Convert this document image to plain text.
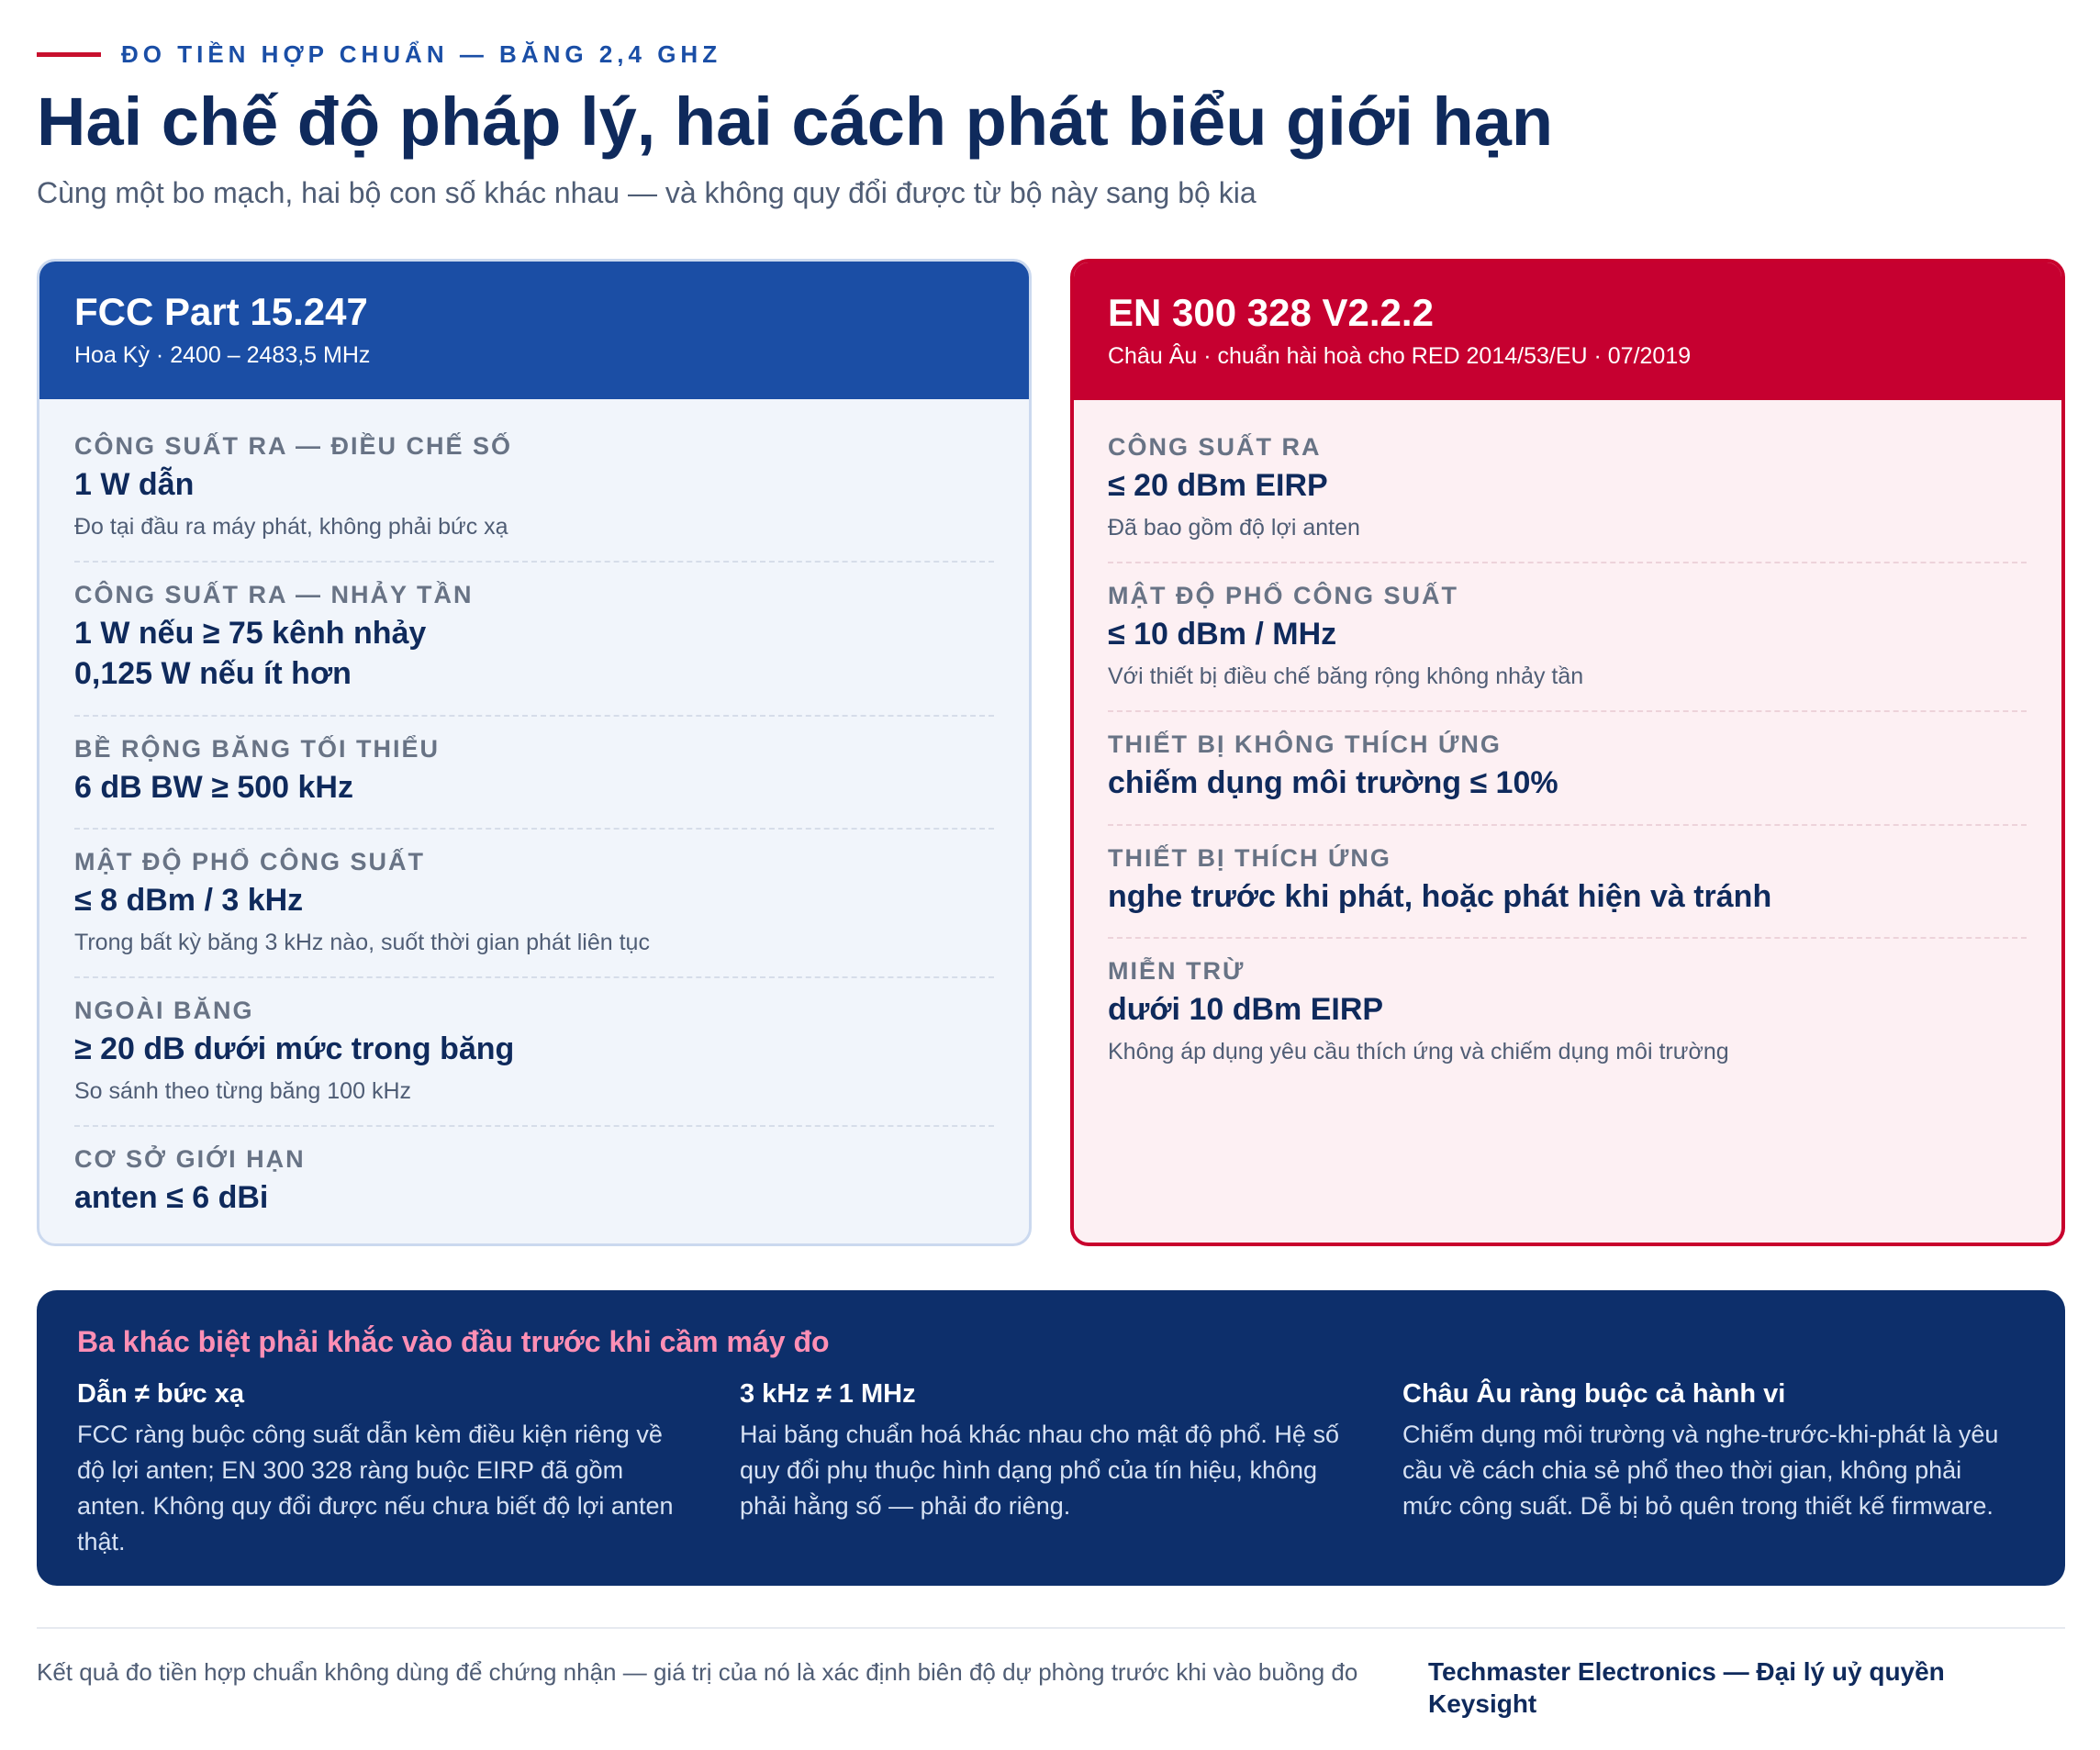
ĐO TIỀN HỢP CHUẨN — BĂNG 2,4 GHZ
Hai chế độ pháp lý, hai cách phát biểu giới hạn
Cùng một bo mạch, hai bộ con số khác nhau — và không quy đổi được từ bộ này sang bộ kia
FCC Part 15.247
Hoa Kỳ · 2400 – 2483,5 MHz
CÔNG SUẤT RA — ĐIỀU CHẾ SỐ
1 W dẫn
Đo tại đầu ra máy phát, không phải bức xạ
CÔNG SUẤT RA — NHẢY TẦN
1 W nếu ≥ 75 kênh nhảy
0,125 W nếu ít hơn
BỀ RỘNG BĂNG TỐI THIỂU
6 dB BW ≥ 500 kHz
MẬT ĐỘ PHỔ CÔNG SUẤT
≤ 8 dBm / 3 kHz
Trong bất kỳ băng 3 kHz nào, suốt thời gian phát liên tục
NGOÀI BĂNG
≥ 20 dB dưới mức trong băng
So sánh theo từng băng 100 kHz
CƠ SỞ GIỚI HẠN
anten ≤ 6 dBi
EN 300 328 V2.2.2
Châu Âu · chuẩn hài hoà cho RED 2014/53/EU · 07/2019
CÔNG SUẤT RA
≤ 20 dBm EIRP
Đã bao gồm độ lợi anten
MẬT ĐỘ PHỔ CÔNG SUẤT
≤ 10 dBm / MHz
Với thiết bị điều chế băng rộng không nhảy tần
THIẾT BỊ KHÔNG THÍCH ỨNG
chiếm dụng môi trường ≤ 10%
THIẾT BỊ THÍCH ỨNG
nghe trước khi phát, hoặc phát hiện và tránh
MIỄN TRỪ
dưới 10 dBm EIRP
Không áp dụng yêu cầu thích ứng và chiếm dụng môi trường
Ba khác biệt phải khắc vào đầu trước khi cầm máy đo
Dẫn ≠ bức xạ
FCC ràng buộc công suất dẫn kèm điều kiện riêng về độ lợi anten; EN 300 328 ràng buộc EIRP đã gồm anten. Không quy đổi được nếu chưa biết độ lợi anten thật.
3 kHz ≠ 1 MHz
Hai băng chuẩn hoá khác nhau cho mật độ phổ. Hệ số quy đổi phụ thuộc hình dạng phổ của tín hiệu, không phải hằng số — phải đo riêng.
Châu Âu ràng buộc cả hành vi
Chiếm dụng môi trường và nghe-trước-khi-phát là yêu cầu về cách chia sẻ phổ theo thời gian, không phải mức công suất. Dễ bị bỏ quên trong thiết kế firmware.
Kết quả đo tiền hợp chuẩn không dùng để chứng nhận — giá trị của nó là xác định biên độ dự phòng trước khi vào buồng đo	Techmaster Electronics — Đại lý uỷ quyền Keysight
